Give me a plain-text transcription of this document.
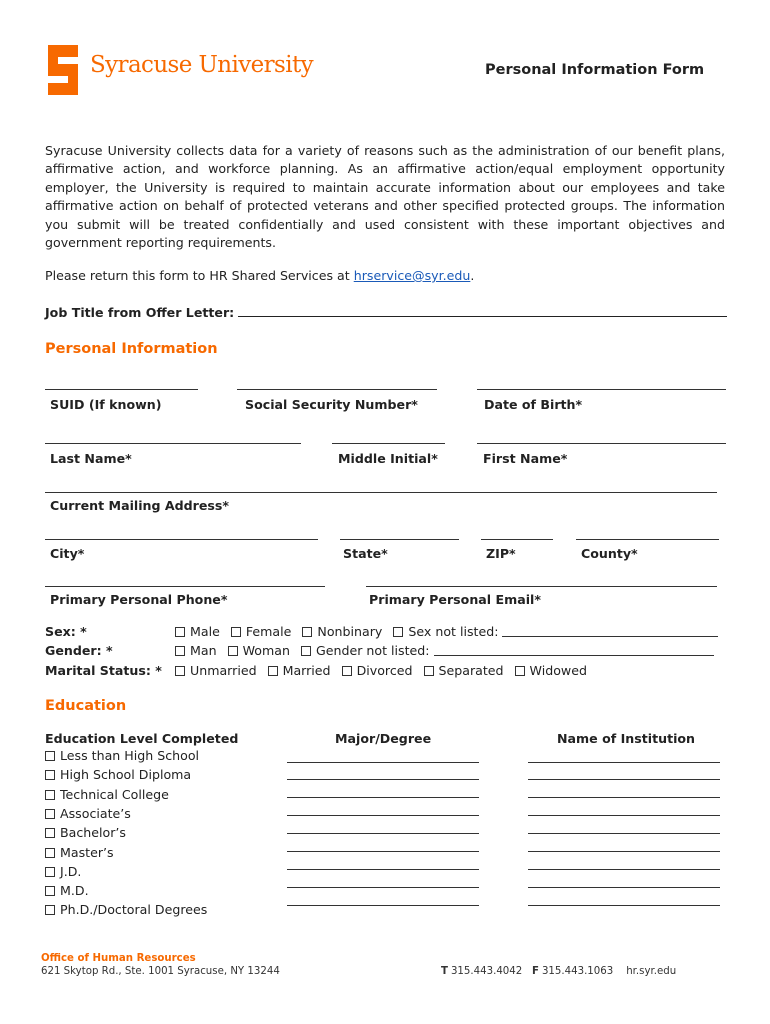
Syracuse University	Personal Information Form

Syracuse University collects data for a variety of reasons such as the administration of our benefit plans, affirmative action, and workforce planning. As an affirmative action/equal employment opportunity employer, the University is required to maintain accurate information about our employees and take affirmative action on behalf of protected veterans and other specified protected groups. The information you submit will be treated confidentially and used consistent with these important objectives and government reporting requirements.

Please return this form to HR Shared Services at hrservice@syr.edu.
Job Title from Offer Letter:
Personal Information
SUID (If known)	Social Security Number*	Date of Birth*
Last Name*	Middle Initial*	First Name*
Current Mailing Address*
City*	State*	ZIP*	County*
Primary Personal Phone*	Primary Personal Email*
Sex: *	Male Female Nonbinary Sex not listed:
Gender: *	Man Woman Gender not listed:
Marital Status: *	Unmarried Married Divorced Separated Widowed
Education
Education Level Completed	Major/Degree	Name of Institution
Less than High School
High School Diploma
Technical College
Associate’s
Bachelor’s
Master’s
J.D.
M.D.
Ph.D./Doctoral Degrees
Office of Human Resources
621 Skytop Rd., Ste. 1001 Syracuse, NY 13244	T 315.443.4042 F 315.443.1063 hr.syr.edu
